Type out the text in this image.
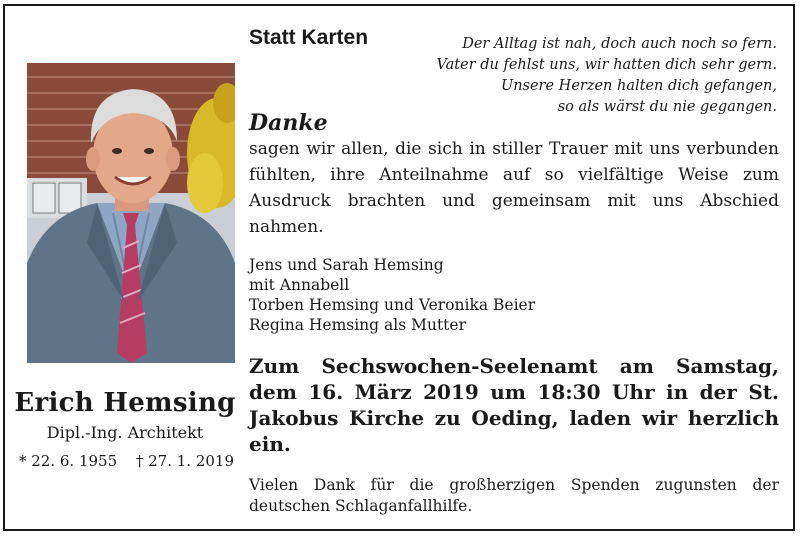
Erich Hemsing
Dipl.-Ing. Architekt
* 22. 6. 1955 † 27. 1. 2019
Statt Karten	Der Alltag ist nah, doch auch noch so fern.
Vater du fehlst uns, wir hatten dich sehr gern.
Unsere Herzen halten dich gefangen,
so als wärst du nie gegangen.
Danke
sagen wir allen, die sich in stiller Trauer mit uns verbunden fühlten, ihre Anteilnahme auf so vielfältige Weise zum Ausdruck brachten und gemeinsam mit uns Abschied nahmen.
Jens und Sarah Hemsing
mit Annabell
Torben Hemsing und Veronika Beier
Regina Hemsing als Mutter
Zum Sechswochen-Seelenamt am Samstag, dem 16. März 2019 um 18:30 Uhr in der St. Jakobus Kirche zu Oeding, laden wir herzlich ein.
Vielen Dank für die großherzigen Spenden zugunsten der deutschen Schlaganfallhilfe.
